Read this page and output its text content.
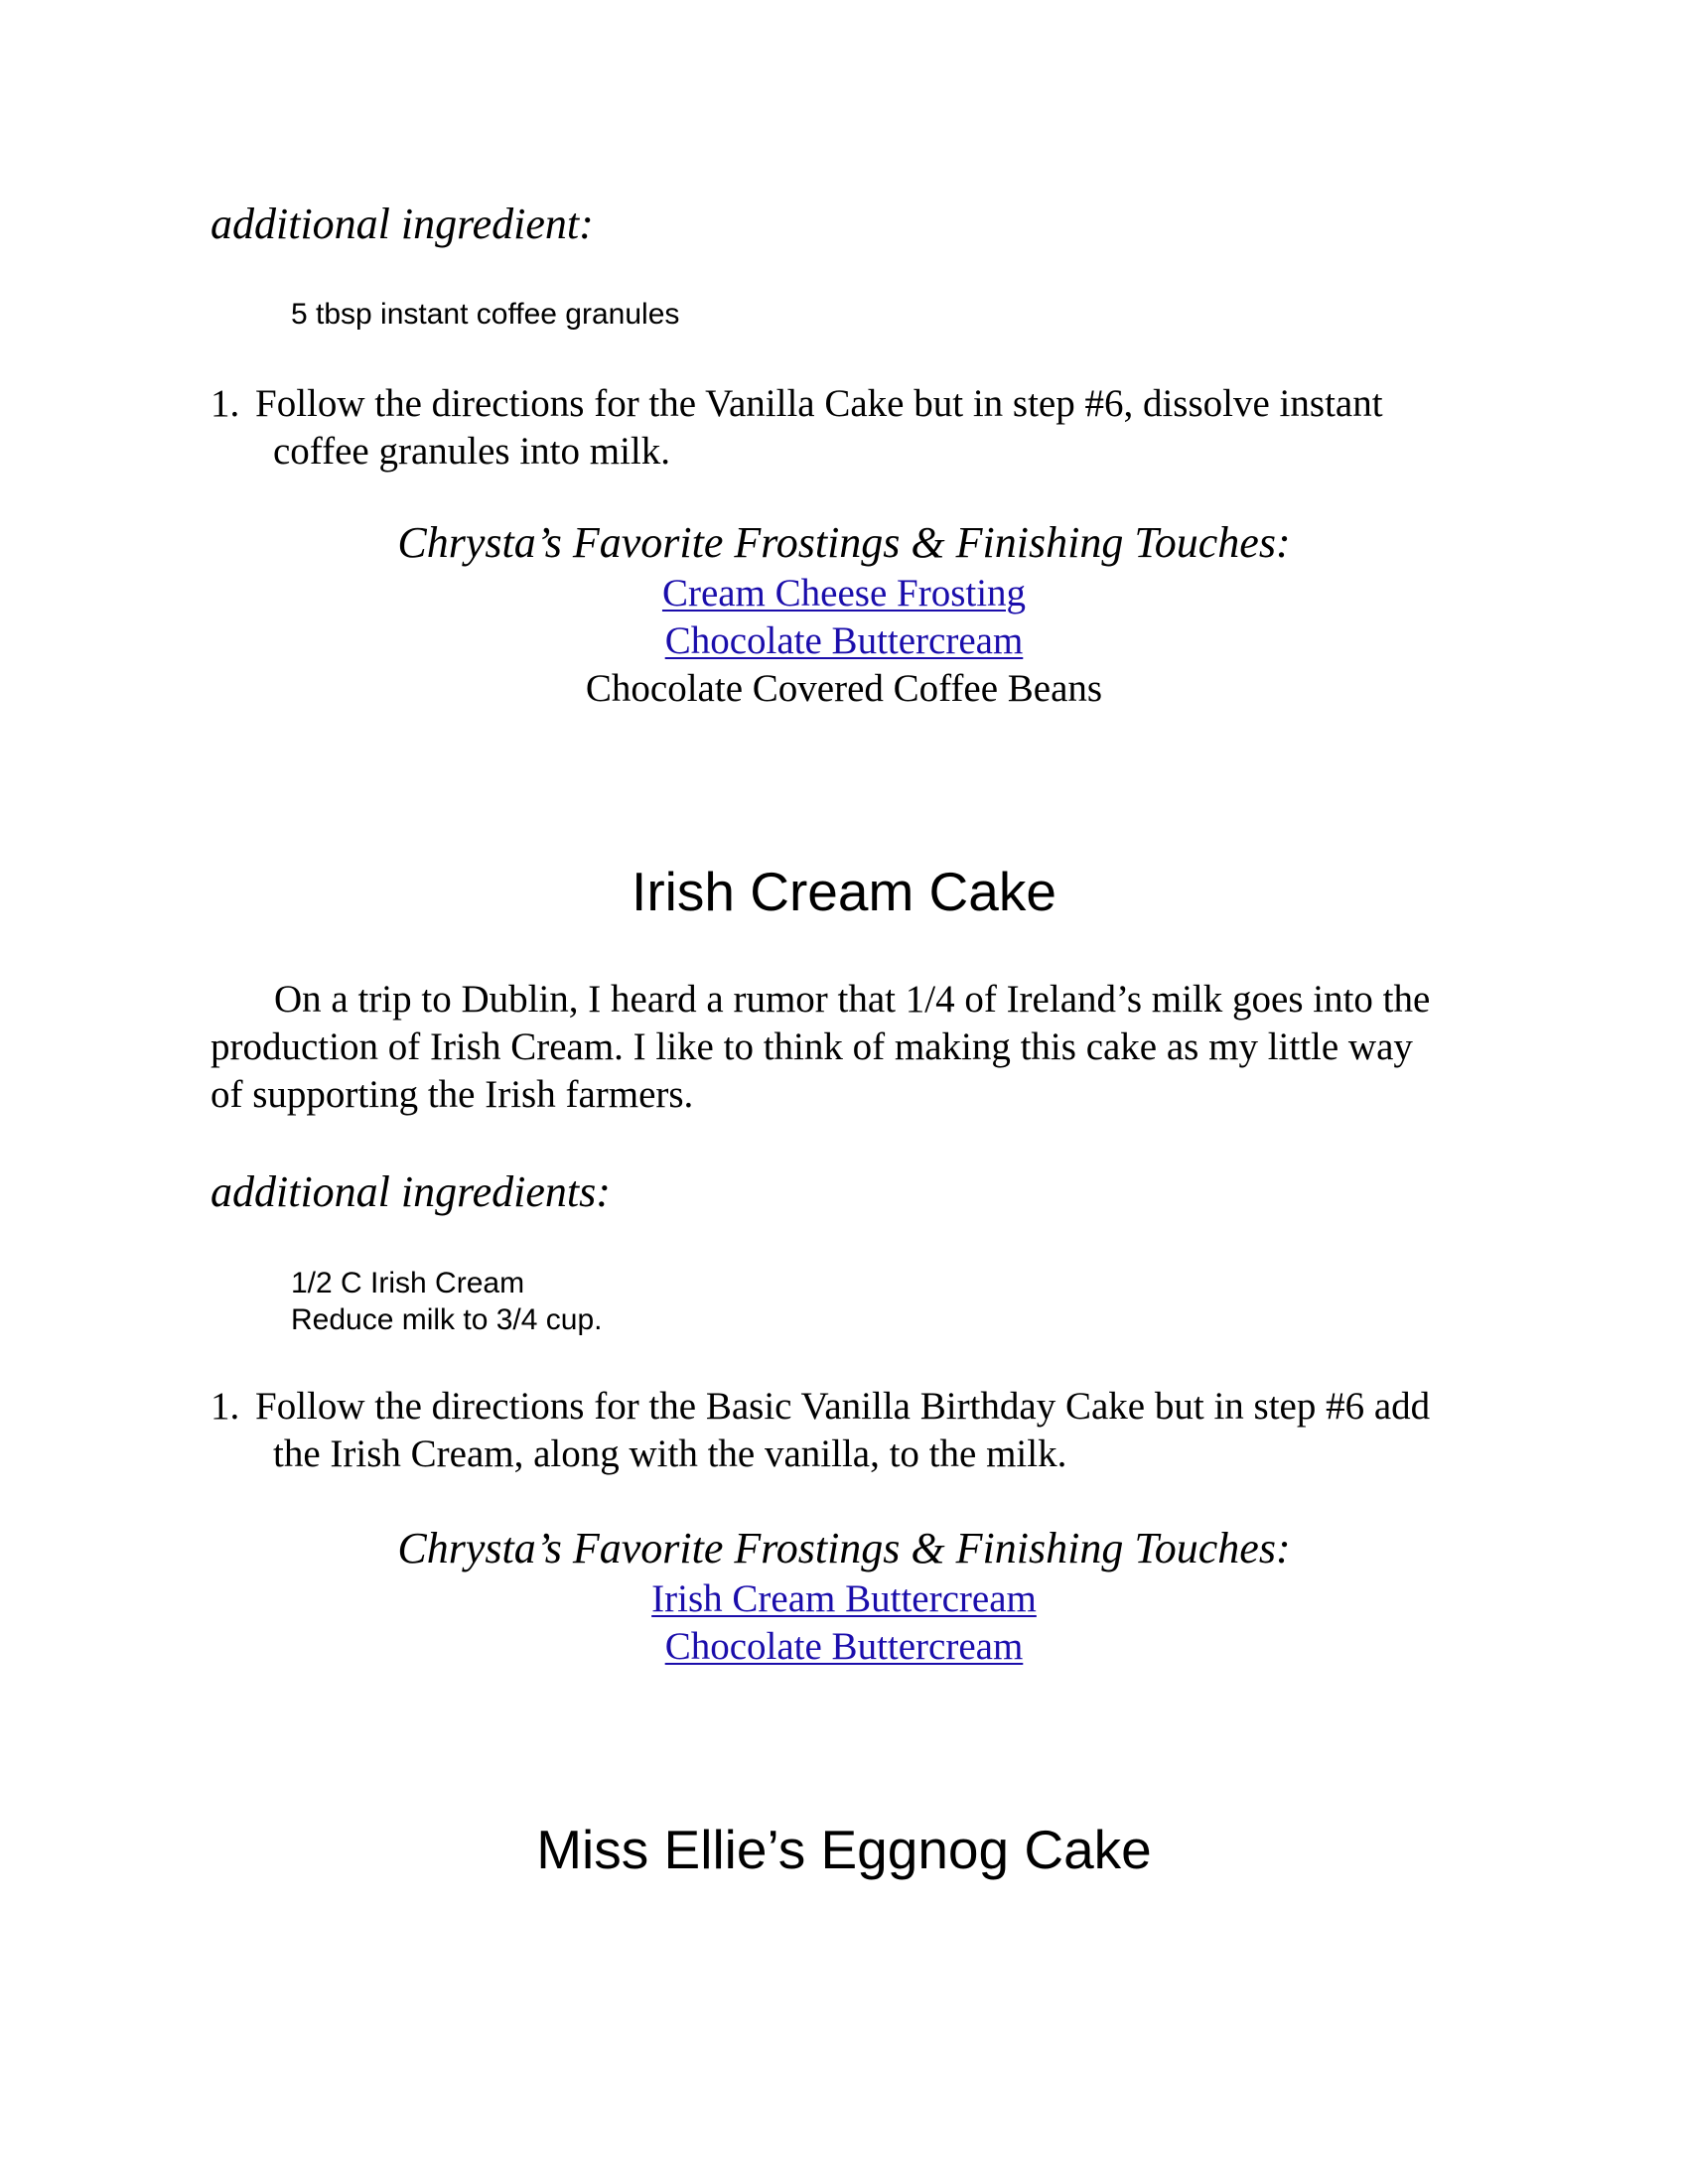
additional ingredient:
5 tbsp instant coffee granules
1. Follow the directions for the Vanilla Cake but in step #6, dissolve instant
coffee granules into milk.
Chrysta’s Favorite Frostings & Finishing Touches:
Cream Cheese Frosting
Chocolate Buttercream
Chocolate Covered Coffee Beans
Irish Cream Cake
On a trip to Dublin, I heard a rumor that 1/4 of Ireland’s milk goes into the
production of Irish Cream. I like to think of making this cake as my little way
of supporting the Irish farmers.
additional ingredients:
1/2 C Irish Cream
Reduce milk to 3/4 cup.
1. Follow the directions for the Basic Vanilla Birthday Cake but in step #6 add
the Irish Cream, along with the vanilla, to the milk.
Chrysta’s Favorite Frostings & Finishing Touches:
Irish Cream Buttercream
Chocolate Buttercream
Miss Ellie’s Eggnog Cake
